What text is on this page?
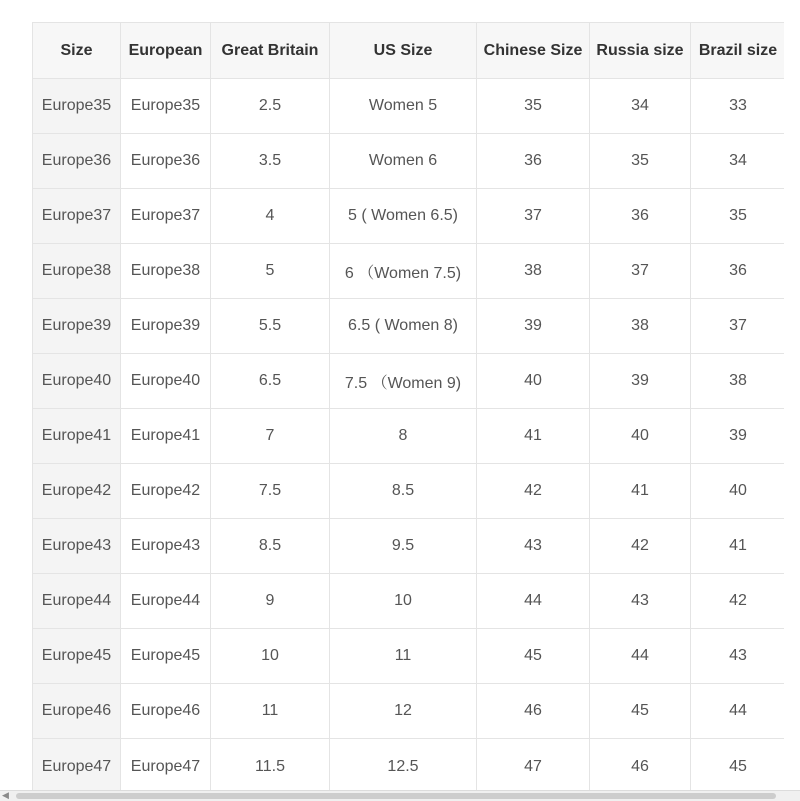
Size	European	Great Britain	US Size	Chinese Size	Russia size	Brazil size
Europe35	Europe35	2.5	Women 5	35	34	33
Europe36	Europe36	3.5	Women 6	36	35	34
Europe37	Europe37	4	5 ( Women 6.5)	37	36	35
Europe38	Europe38	5	6 （Women 7.5)	38	37	36
Europe39	Europe39	5.5	6.5 ( Women 8)	39	38	37
Europe40	Europe40	6.5	7.5 （Women 9)	40	39	38
Europe41	Europe41	7	8	41	40	39
Europe42	Europe42	7.5	8.5	42	41	40
Europe43	Europe43	8.5	9.5	43	42	41
Europe44	Europe44	9	10	44	43	42
Europe45	Europe45	10	11	45	44	43
Europe46	Europe46	11	12	46	45	44
Europe47	Europe47	11.5	12.5	47	46	45
◀
